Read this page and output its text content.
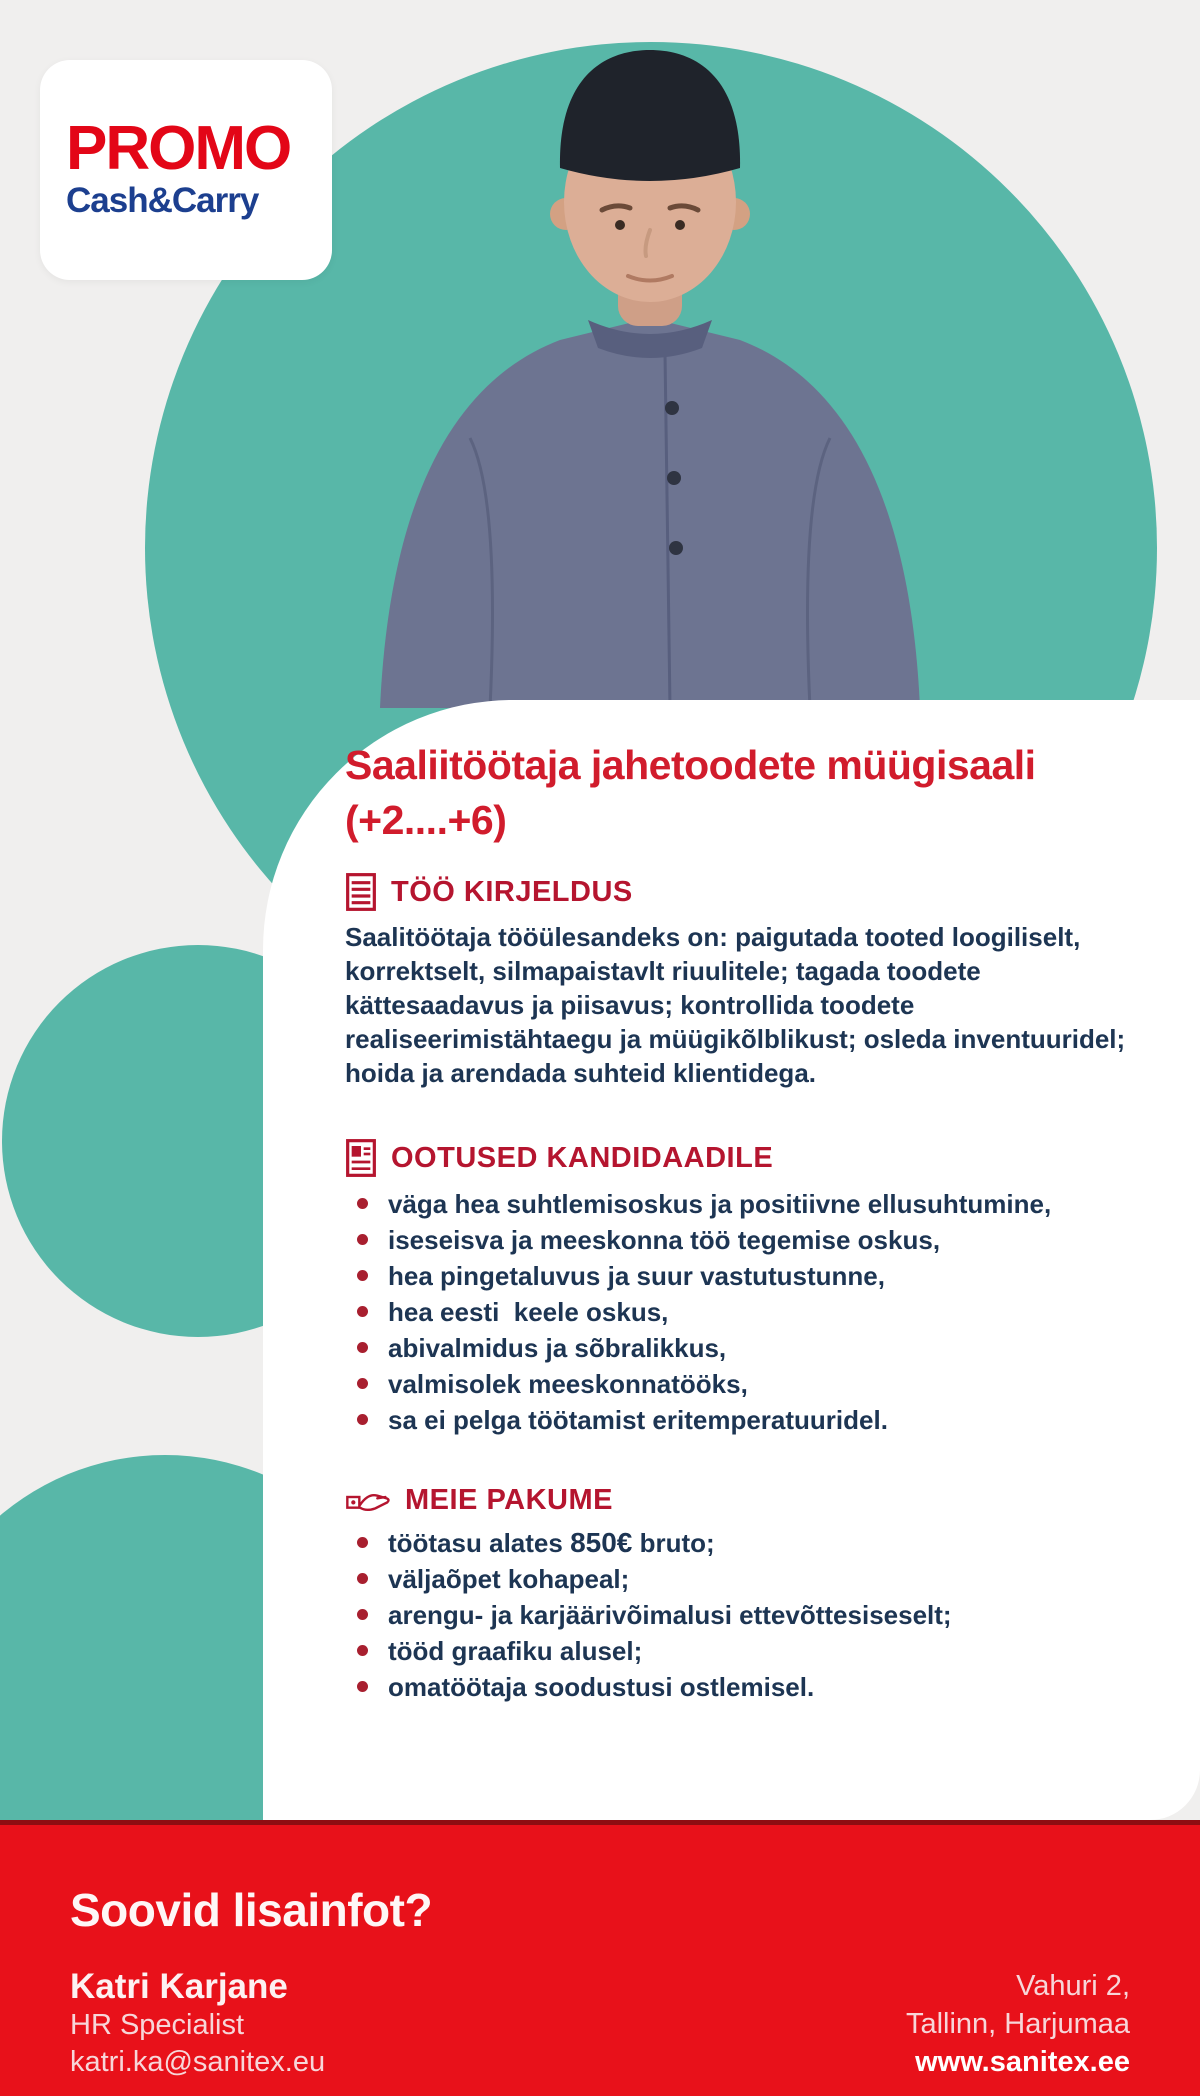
PROMO
Cash&Carry
Saaliitöötaja jahetoodete müügisaali
(+2....+6)
TÖÖ KIRJELDUS

Saalitöötaja tööülesandeks on: paigutada tooted loogiliselt, korrektselt, silmapaistavlt riuulitele; tagada toodete kättesaadavus ja piisavus; kontrollida toodete realiseerimistähtaegu ja müügikõlblikust; osleda inventuuridel; hoida ja arendada suhteid klientidega.

OOTUSED KANDIDAADILE
väga hea suhtlemisoskus ja positiivne ellusuhtumine,
iseseisva ja meeskonna töö tegemise oskus,
hea pingetaluvus ja suur vastutustunne,
hea eesti  keele oskus,
abivalmidus ja sõbralikkus,
valmisolek meeskonnatööks,
sa ei pelga töötamist eritemperatuuridel.
MEIE PAKUME
töötasu alates 850€ bruto;
väljaõpet kohapeal;
arengu- ja karjäärivõimalusi ettevõttesiseselt;
tööd graafiku alusel;
omatöötaja soodustusi ostlemisel.
Soovid lisainfot?
Katri Karjane
HR Specialist
katri.ka@sanitex.eu
Vahuri 2,
Tallinn, Harjumaa
www.sanitex.ee
